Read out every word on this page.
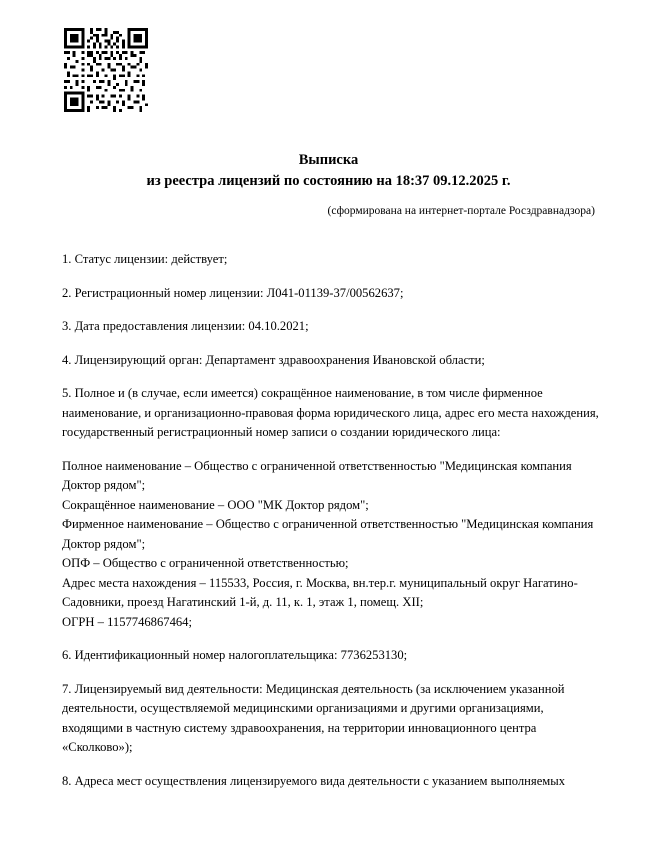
Выписка
из реестра лицензий по состоянию на 18:37 09.12.2025 г.
(сформирована на интернет-портале Росздравнадзора)

1. Статус лицензии: действует;

2. Регистрационный номер лицензии: Л041-01139-37/00562637;

3. Дата предоставления лицензии: 04.10.2021;

4. Лицензирующий орган: Департамент здравоохранения Ивановской области;

5. Полное и (в случае, если имеется) сокращённое наименование, в том числе фирменное наименование, и организационно-правовая форма юридического лица, адрес его места нахождения, государственный регистрационный номер записи о создании юридического лица:

Полное наименование – Общество с ограниченной ответственностью "Медицинская компания Доктор рядом";
Сокращённое наименование – ООО "МК Доктор рядом";
Фирменное наименование – Общество с ограниченной ответственностью "Медицинская компания Доктор рядом";
ОПФ – Общество с ограниченной ответственностью;
Адрес места нахождения – 115533, Россия, г. Москва, вн.тер.г. муниципальный округ Нагатино-Садовники, проезд Нагатинский 1-й, д. 11, к. 1, этаж 1, помещ. XII;
ОГРН – 1157746867464;

6. Идентификационный номер налогоплательщика: 7736253130;

7. Лицензируемый вид деятельности: Медицинская деятельность (за исключением указанной деятельности, осуществляемой медицинскими организациями и другими организациями, входящими в частную систему здравоохранения, на территории инновационного центра «Сколково»);

8. Адреса мест осуществления лицензируемого вида деятельности с указанием выполняемых
